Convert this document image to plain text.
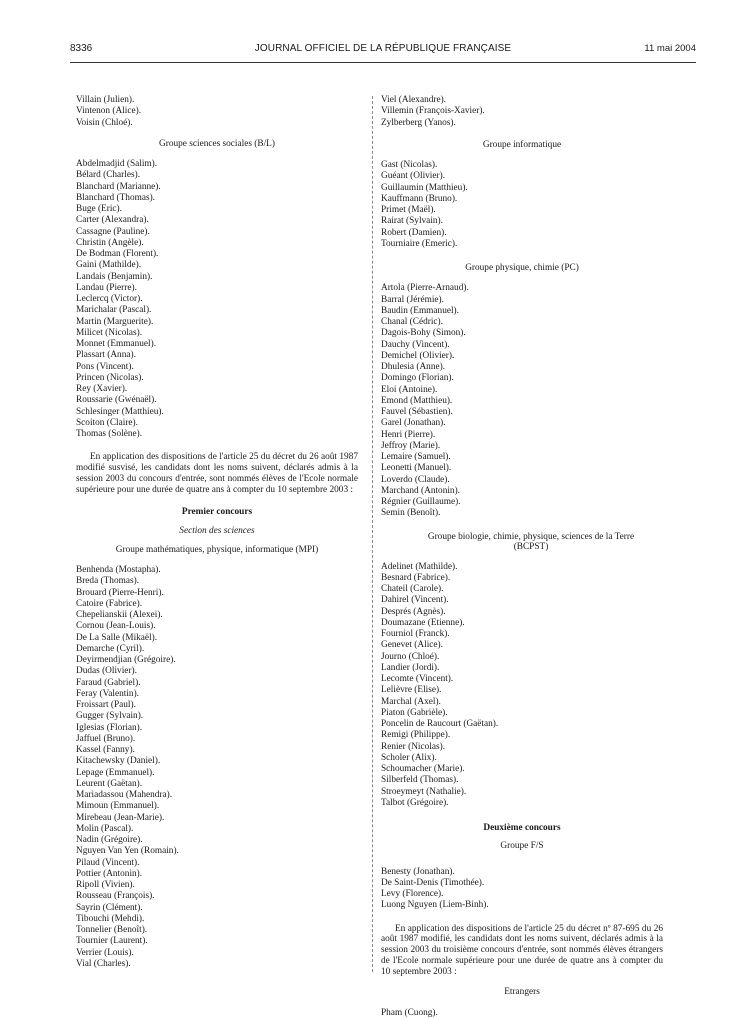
8336	JOURNAL OFFICIEL DE LA RÉPUBLIQUE FRANÇAISE	11 mai 2004
Villain (Julien).
Vintenon (Alice).
Voisin (Chloé).
Groupe sciences sociales (B/L)
Abdelmadjid (Salim).
Bélard (Charles).
Blanchard (Marianne).
Blanchard (Thomas).
Buge (Eric).
Carter (Alexandra).
Cassagne (Pauline).
Christin (Angèle).
De Bodman (Florent).
Gaini (Mathilde).
Landais (Benjamin).
Landau (Pierre).
Leclercq (Victor).
Marichalar (Pascal).
Martin (Marguerite).
Milicet (Nicolas).
Monnet (Emmanuel).
Plassart (Anna).
Pons (Vincent).
Princen (Nicolas).
Rey (Xavier).
Roussarie (Gwénaël).
Schlesinger (Matthieu).
Scoiton (Claire).
Thomas (Solène).
En application des dispositions de l'article 25 du décret du 26 août 1987 modifié susvisé, les candidats dont les noms suivent, déclarés admis à la session 2003 du concours d'entrée, sont nommés élèves de l'Ecole normale supérieure pour une durée de quatre ans à compter du 10 septembre 2003 :
Premier concours
Section des sciences
Groupe mathématiques, physique, informatique (MPI)
Benhenda (Mostapha).
Breda (Thomas).
Brouard (Pierre-Henri).
Catoire (Fabrice).
Chepelianskii (Alexei).
Cornou (Jean-Louis).
De La Salle (Mikaël).
Demarche (Cyril).
Deyirmendjian (Grégoire).
Dudas (Olivier).
Faraud (Gabriel).
Feray (Valentin).
Froissart (Paul).
Gugger (Sylvain).
Iglesias (Florian).
Jaffuel (Bruno).
Kassel (Fanny).
Kitachewsky (Daniel).
Lepage (Emmanuel).
Leurent (Gaëtan).
Mariadassou (Mahendra).
Mimoun (Emmanuel).
Mirebeau (Jean-Marie).
Molin (Pascal).
Nadin (Grégoire).
Nguyen Van Yen (Romain).
Pilaud (Vincent).
Pottier (Antonin).
Ripoll (Vivien).
Rousseau (François).
Sayrin (Clément).
Tibouchi (Mehdi).
Tonnelier (Benoît).
Tournier (Laurent).
Verrier (Louis).
Vial (Charles).
Viel (Alexandre).
Villemin (François-Xavier).
Zylberberg (Yanos).
Groupe informatique
Gast (Nicolas).
Guéant (Olivier).
Guillaumin (Matthieu).
Kauffmann (Bruno).
Primet (Maël).
Rairat (Sylvain).
Robert (Damien).
Tourniaire (Emeric).
Groupe physique, chimie (PC)
Artola (Pierre-Arnaud).
Barral (Jérémie).
Baudin (Emmanuel).
Chanal (Cédric).
Dagois-Bohy (Simon).
Dauchy (Vincent).
Demichel (Olivier).
Dhulesia (Anne).
Domingo (Florian).
Eloi (Antoine).
Emond (Matthieu).
Fauvel (Sébastien).
Garel (Jonathan).
Henri (Pierre).
Jeffroy (Marie).
Lemaire (Samuel).
Leonetti (Manuel).
Loverdo (Claude).
Marchand (Antonin).
Régnier (Guillaume).
Semin (Benoît).
Groupe biologie, chimie, physique, sciences de la Terre (BCPST)
Adelinet (Mathilde).
Besnard (Fabrice).
Chateil (Carole).
Dahirel (Vincent).
Després (Agnès).
Doumazane (Etienne).
Fourniol (Franck).
Genevet (Alice).
Journo (Chloé).
Landier (Jordi).
Lecomte (Vincent).
Lelièvre (Elise).
Marchal (Axel).
Piaton (Gabrièle).
Poncelin de Raucourt (Gaëtan).
Remigi (Philippe).
Renier (Nicolas).
Scholer (Alix).
Schoumacher (Marie).
Silberfeld (Thomas).
Stroeymeyt (Nathalie).
Talbot (Grégoire).
Deuxième concours
Groupe F/S
Benesty (Jonathan).
De Saint-Denis (Timothée).
Levy (Florence).
Luong Nguyen (Liem-Binh).
En application des dispositions de l'article 25 du décret nº 87-695 du 26 août 1987 modifié, les candidats dont les noms suivent, déclarés admis à la session 2003 du troisième concours d'entrée, sont nommés élèves étrangers de l'Ecole normale supérieure pour une durée de quatre ans à compter du 10 septembre 2003 :
Etrangers
Pham (Cuong).
